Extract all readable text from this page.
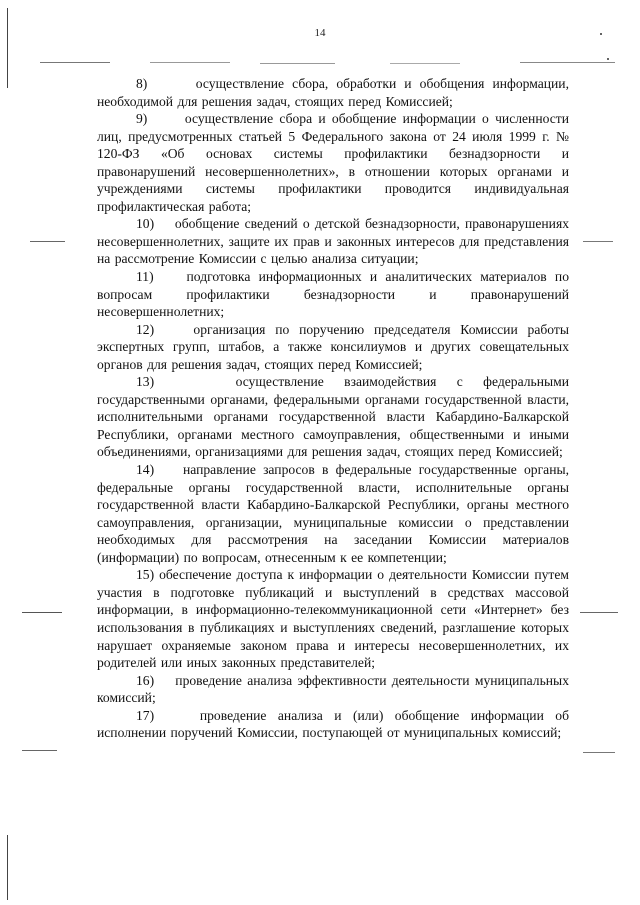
14

8)      осуществление сбора, обработки и обобщения информации, необходимой для решения задач, стоящих перед Комиссией;

9)      осуществление сбора и обобщение информации о численности лиц, предусмотренных статьей 5 Федерального закона от 24 июля 1999 г. № 120-ФЗ «Об основах системы профилактики безнадзорности и правонарушений несовершеннолетних», в отношении которых органами и учреждениями системы профилактики проводится индивидуальная профилактическая работа;

10)    обобщение сведений о детской безнадзорности, правонарушениях несовершеннолетних, защите их прав и законных интересов для представления на рассмотрение Комиссии с целью анализа ситуации;

11)    подготовка информационных и аналитических материалов по вопросам профилактики безнадзорности и правонарушений несовершеннолетних;

12)    организация по поручению председателя Комиссии работы экспертных групп, штабов, а также консилиумов и других совещательных органов для решения задач, стоящих перед Комиссией;

13)    осуществление взаимодействия с федеральными государственными органами, федеральными органами государственной власти, исполнительными органами государственной власти Кабардино-Балкарской Республики, органами местного самоуправления, общественными и иными объединениями, организациями для решения задач, стоящих перед Комиссией;

14)    направление запросов в федеральные государственные органы, федеральные органы государственной власти, исполнительные органы государственной власти Кабардино-Балкарской Республики, органы местного самоуправления, организации, муниципальные комиссии о представлении необходимых для рассмотрения на заседании Комиссии материалов (информации) по вопросам, отнесенным к ее компетенции;

15) обеспечение доступа к информации о деятельности Комиссии путем участия в подготовке публикаций и выступлений в средствах массовой информации, в информационно-телекоммуникационной сети «Интернет» без использования в публикациях и выступлениях сведений, разглашение которых нарушает охраняемые законом права и интересы несовершеннолетних, их родителей или иных законных представителей;

16)    проведение анализа эффективности деятельности муниципальных комиссий;

17)    проведение анализа и (или) обобщение информации об исполнении поручений Комиссии, поступающей от муниципальных комиссий;
